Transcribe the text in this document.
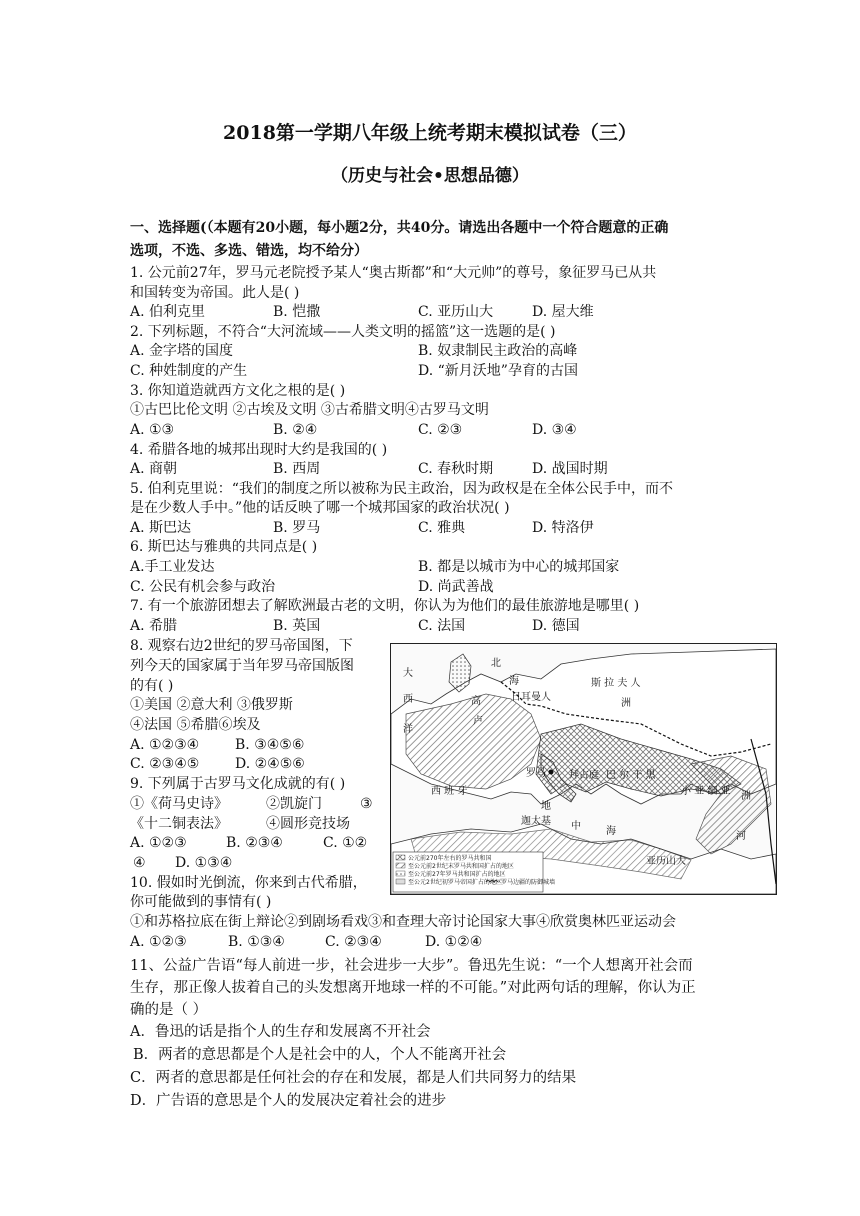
2018第一学期八年级上统考期末模拟试卷（三）
（历史与社会•思想品德）
一、选择题(（本题有20小题，每小题2分，共40分。请选出各题中一个符合题意的正确
选项，不选、多选、错选，均不给分）
1. 公元前27年，罗马元老院授予某人“奥古斯都”和“大元帅”的尊号，象征罗马已从共
和国转变为帝国。此人是( )
A. 伯利克里	B. 恺撒	C. 亚历山大	D. 屋大维
2. 下列标题，不符合“大河流域——人类文明的摇篮”这一选题的是( )
A. 金字塔的国度	B. 奴隶制民主政治的高峰
C. 种姓制度的产生	D. “新月沃地”孕育的古国
3. 你知道造就西方文化之根的是( )
①古巴比伦文明 ②古埃及文明 ③古希腊文明④古罗马文明
A. ①③	B. ②④	C. ②③	D. ③④
4. 希腊各地的城邦出现时大约是我国的( )
A. 商朝	B. 西周	C. 春秋时期	D. 战国时期
5. 伯利克里说：“我们的制度之所以被称为民主政治，因为政权是在全体公民手中，而不
是在少数人手中。”他的话反映了哪一个城邦国家的政治状况( )
A. 斯巴达	B. 罗马	C. 雅典	D. 特洛伊
6. 斯巴达与雅典的共同点是( )
A.手工业发达	B. 都是以城市为中心的城邦国家
C. 公民有机会参与政治	D. 尚武善战
7. 有一个旅游团想去了解欧洲最古老的文明，你认为为他们的最佳旅游地是哪里( )
A. 希腊	B. 英国	C. 法国	D. 德国
8. 观察右边2世纪的罗马帝国图，下
列今天的国家属于当年罗马帝国版图
的有( )
①美国 ②意大利 ③俄罗斯
④法国 ⑤希腊⑥埃及
A. ①②③④	B. ③④⑤⑥
C. ②③④⑤	D. ②④⑤⑥
9. 下列属于古罗马文化成就的有( )
①《荷马史诗》	②凯旋门	③
《十二铜表法》	④圆形竞技场
A. ①②③	B. ②③④	C. ①②
④ D. ①③④
10. 假如时光倒流，你来到古代希腊，
你可能做到的事情有( )
①和苏格拉底在街上辩论②到剧场看戏③和查理大帝讨论国家大事④欣赏奥林匹亚运动会
A. ①②③	B. ①③④	C. ②③④	D. ①②④
11、公益广告语“每人前进一步，社会进步一大步”。鲁迅先生说：“一个人想离开社会而
生存，那正像人拔着自己的头发想离开地球一样的不可能。”对此两句话的理解，你认为正
确的是（ ）
A．鲁迅的话是指个人的生存和发展离不开社会
B．两者的意思都是个人是社会中的人，个人不能离开社会
C．两者的意思都是任何社会的存在和发展，都是人们共同努力的结果
D．广告语的意思是个人的发展决定着社会的进步
北
海
大
西
洋
日耳曼人
斯 拉 夫 人
高
卢
洲
罗马 拜占庭 巴 尔 干 黑
西 班 牙
地
中	海
迦太基
小 亚 细 亚
亚历山大
洲
河
公元前270年左右的罗马共和国
至公元前2世纪末罗马共和国扩占的地区
至公元前27年罗马共和国扩占的地区
至公元2世纪初罗马帝国扩占的地区 罗马边疆的防御城墙
